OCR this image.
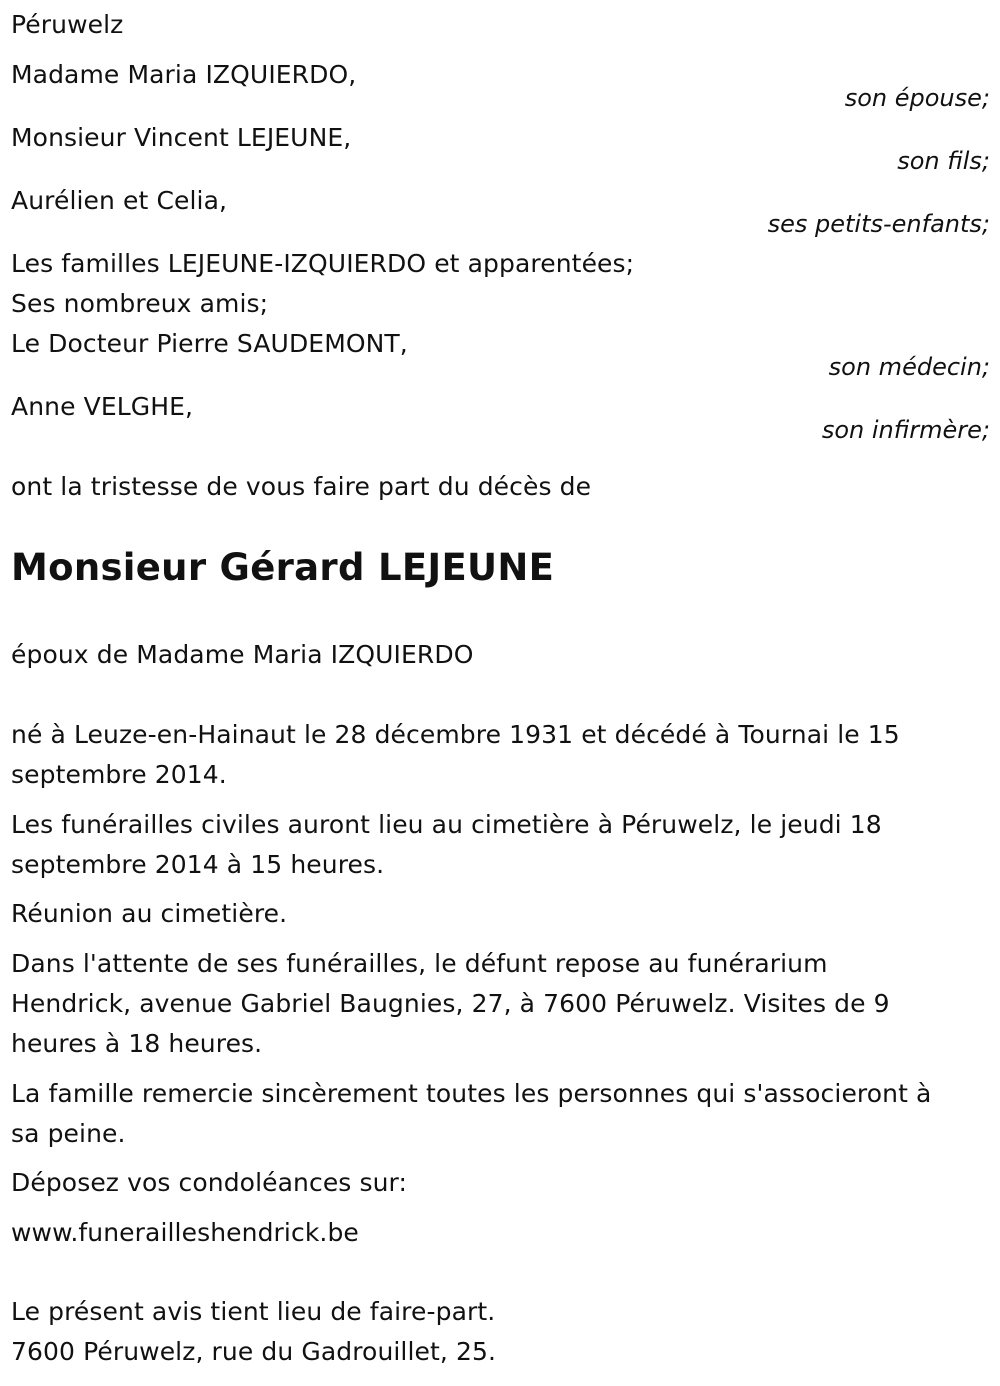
Péruwelz
Madame Maria IZQUIERDO,
son épouse;
Monsieur Vincent LEJEUNE,
son fils;
Aurélien et Celia,
ses petits-enfants;
Les familles LEJEUNE-IZQUIERDO et apparentées;
Ses nombreux amis;
Le Docteur Pierre SAUDEMONT,
son médecin;
Anne VELGHE,
son infirmère;
ont la tristesse de vous faire part du décès de
Monsieur Gérard LEJEUNE
époux de Madame Maria IZQUIERDO
né à Leuze-en-Hainaut le 28 décembre 1931 et décédé à Tournai le 15
septembre 2014.
Les funérailles civiles auront lieu au cimetière à Péruwelz, le jeudi 18
septembre 2014 à 15 heures.
Réunion au cimetière.
Dans l'attente de ses funérailles, le défunt repose au funérarium
Hendrick, avenue Gabriel Baugnies, 27, à 7600 Péruwelz. Visites de 9
heures à 18 heures.
La famille remercie sincèrement toutes les personnes qui s'associeront à
sa peine.
Déposez vos condoléances sur:
www.funerailleshendrick.be
Le présent avis tient lieu de faire-part.
7600 Péruwelz, rue du Gadrouillet, 25.
